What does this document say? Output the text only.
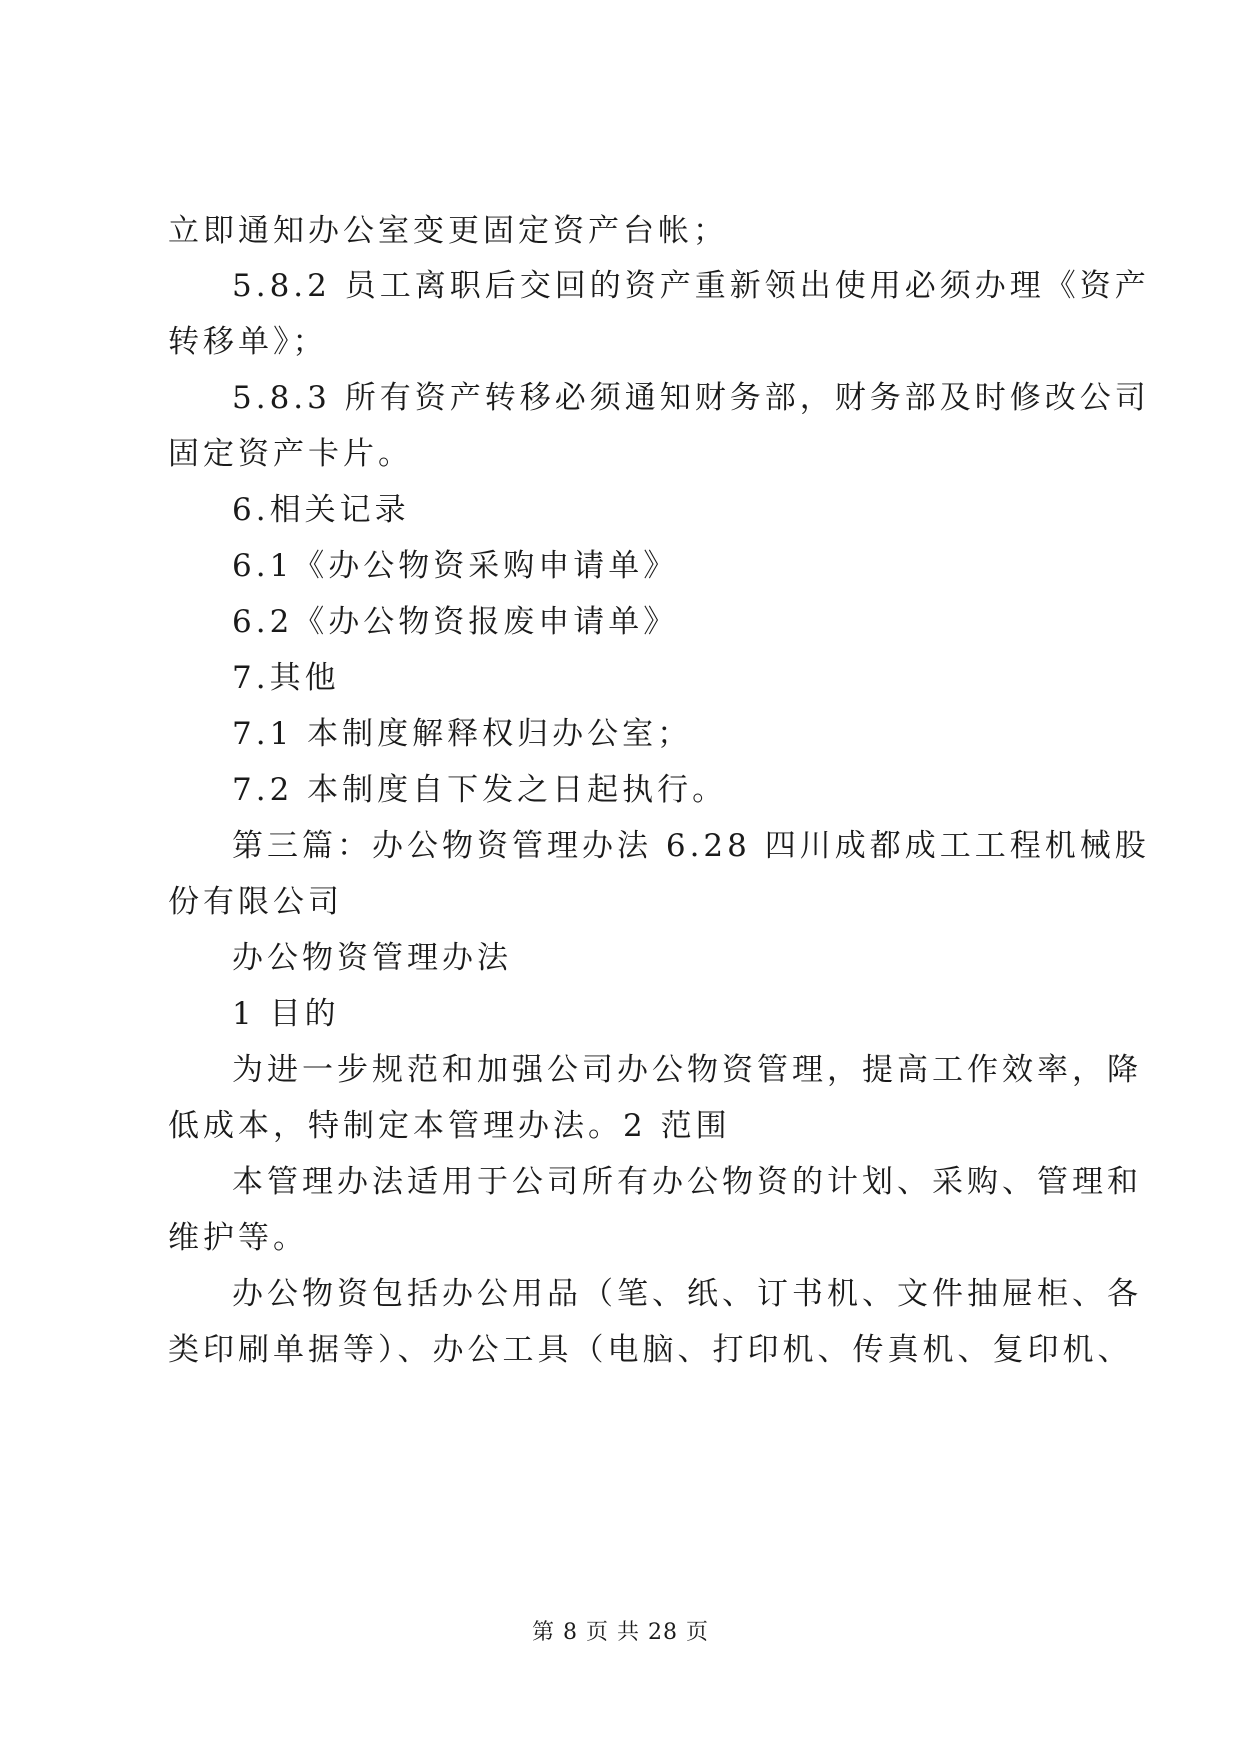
立即通知办公室变更固定资产台帐；
5.8.2 员工离职后交回的资产重新领出使用必须办理《资产
转移单》；
5.8.3 所有资产转移必须通知财务部，财务部及时修改公司
固定资产卡片。
6.相关记录
6.1《办公物资采购申请单》
6.2《办公物资报废申请单》
7.其他
7.1 本制度解释权归办公室；
7.2 本制度自下发之日起执行。
第三篇：办公物资管理办法 6.28 四川成都成工工程机械股
份有限公司
办公物资管理办法
1 目的
为进一步规范和加强公司办公物资管理，提高工作效率，降
低成本，特制定本管理办法。2 范围
本管理办法适用于公司所有办公物资的计划、采购、管理和
维护等。
办公物资包括办公用品（笔、纸、订书机、文件抽屉柜、各
类印刷单据等）、办公工具（电脑、打印机、传真机、复印机、
第 8 页 共 28 页
